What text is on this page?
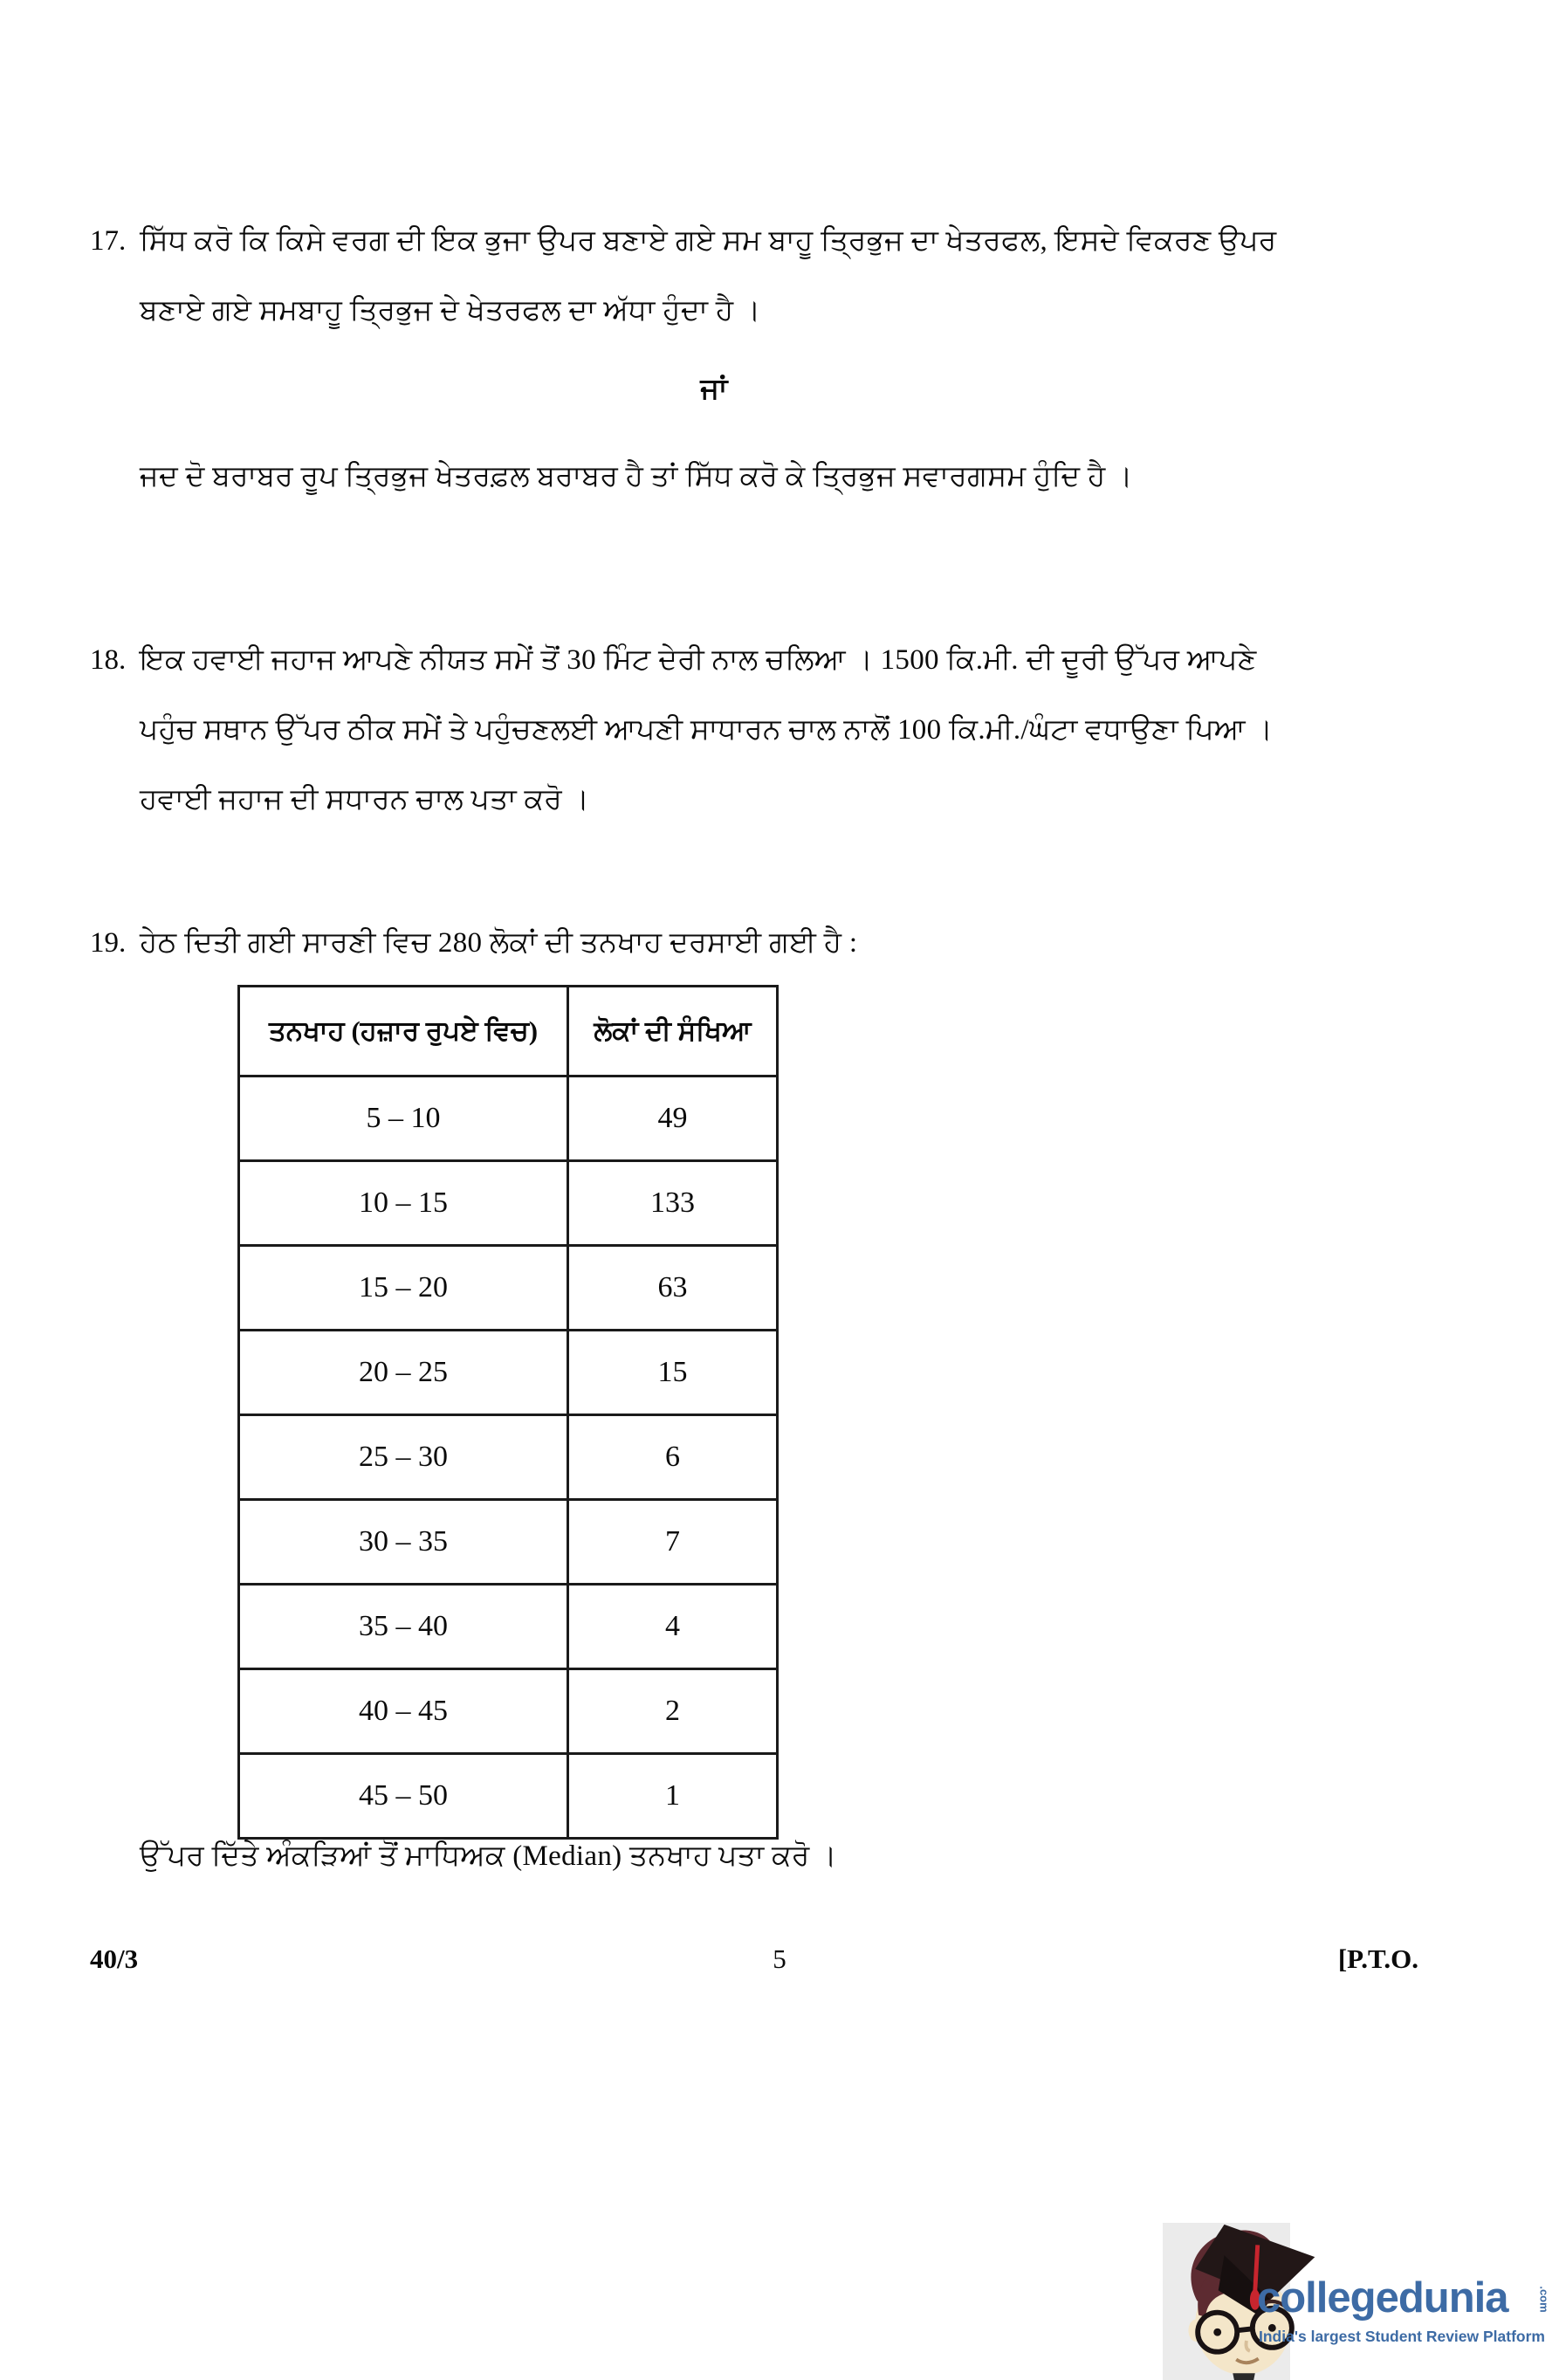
17. ਸਿੱਧ ਕਰੋ ਕਿ ਕਿਸੇ ਵਰਗ ਦੀ ਇਕ ਭੁਜਾ ਉਪਰ ਬਣਾਏ ਗਏ ਸਮ ਬਾਹੂ ਤ੍ਰਿਭੁਜ ਦਾ ਖੇਤਰਫਲ, ਇਸਦੇ ਵਿਕਰਣ ਉਪਰ
ਬਣਾਏ ਗਏ ਸਮਬਾਹੂ ਤ੍ਰਿਭੁਜ ਦੇ ਖੇਤਰਫਲ ਦਾ ਅੱਧਾ ਹੁੰਦਾ ਹੈ ।
ਜਾਂ
ਜਦ ਦੋ ਬਰਾਬਰ ਰੂਪ ਤ੍ਰਿਭੁਜ ਖੇਤਰਫ਼ਲ ਬਰਾਬਰ ਹੈ ਤਾਂ ਸਿੱਧ ਕਰੋ ਕੇ ਤ੍ਰਿਭੁਜ ਸਵਾਰਗਸਮ ਹੁੰਦਿ ਹੈ ।
18. ਇਕ ਹਵਾਈ ਜਹਾਜ ਆਪਣੇ ਨੀਯਤ ਸਮੇਂ ਤੋਂ 30 ਮਿੰਟ ਦੇਰੀ ਨਾਲ ਚਲਿਆ । 1500 ਕਿ.ਮੀ. ਦੀ ਦੂਰੀ ਉੱਪਰ ਆਪਣੇ
ਪਹੁੰਚ ਸਥਾਨ ਉੱਪਰ ਠੀਕ ਸਮੇਂ ਤੇ ਪਹੁੰਚਣਲਈ ਆਪਣੀ ਸਾਧਾਰਨ ਚਾਲ ਨਾਲੋਂ 100 ਕਿ.ਮੀ./ਘੰਟਾ ਵਧਾਉਣਾ ਪਿਆ ।
ਹਵਾਈ ਜਹਾਜ ਦੀ ਸਧਾਰਨ ਚਾਲ ਪਤਾ ਕਰੋ ।
19. ਹੇਠ ਦਿਤੀ ਗਈ ਸਾਰਣੀ ਵਿਚ 280 ਲੋਕਾਂ ਦੀ ਤਨਖਾਹ ਦਰਸਾਈ ਗਈ ਹੈ :
ਤਨਖਾਹ (ਹਜ਼ਾਰ ਰੁਪਏ ਵਿਚ)	ਲੋਕਾਂ ਦੀ ਸੰਖਿਆ
5 – 10	49
10 – 15	133
15 – 20	63
20 – 25	15
25 – 30	6
30 – 35	7
35 – 40	4
40 – 45	2
45 – 50	1
ਉੱਪਰ ਦਿੱਤੇ ਅੰਕੜਿਆਂ ਤੋਂ ਮਾਧਿਅਕ (Median) ਤਨਖਾਹ ਪਤਾ ਕਰੋ ।
40/3	5	[P.T.O.
collegedunia	.com
India's largest Student Review Platform
